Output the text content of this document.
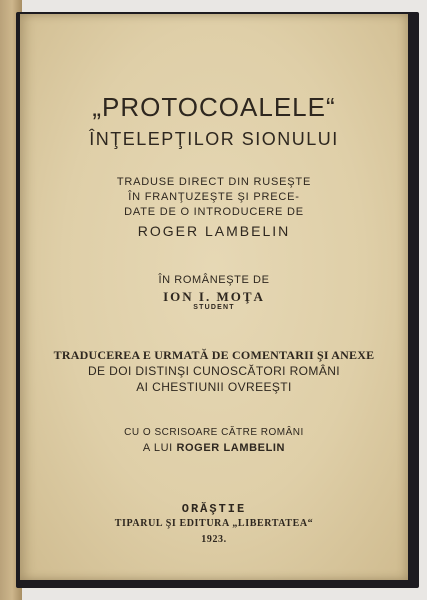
„PROTOCOALELE“
ÎNŢELEPŢILOR SIONULUI
TRADUSE DIRECT DIN RUSEŞTE
ÎN FRANŢUZEŞTE ŞI PRECE-
DATE DE O INTRODUCERE DE
ROGER LAMBELIN
ÎN ROMÂNEŞTE DE
ION I. MOŢA
STUDENT
TRADUCEREA E URMATĂ DE COMENTARII ŞI ANEXE
DE DOI DISTINŞI CUNOSCĂTORI ROMÂNI
AI CHESTIUNII OVREEŞTI
CU O SCRISOARE CĂTRE ROMÂNI
A LUI ROGER LAMBELIN
ORĂŞTIE
TIPARUL ŞI EDITURA „LIBERTATEA“
1923.
